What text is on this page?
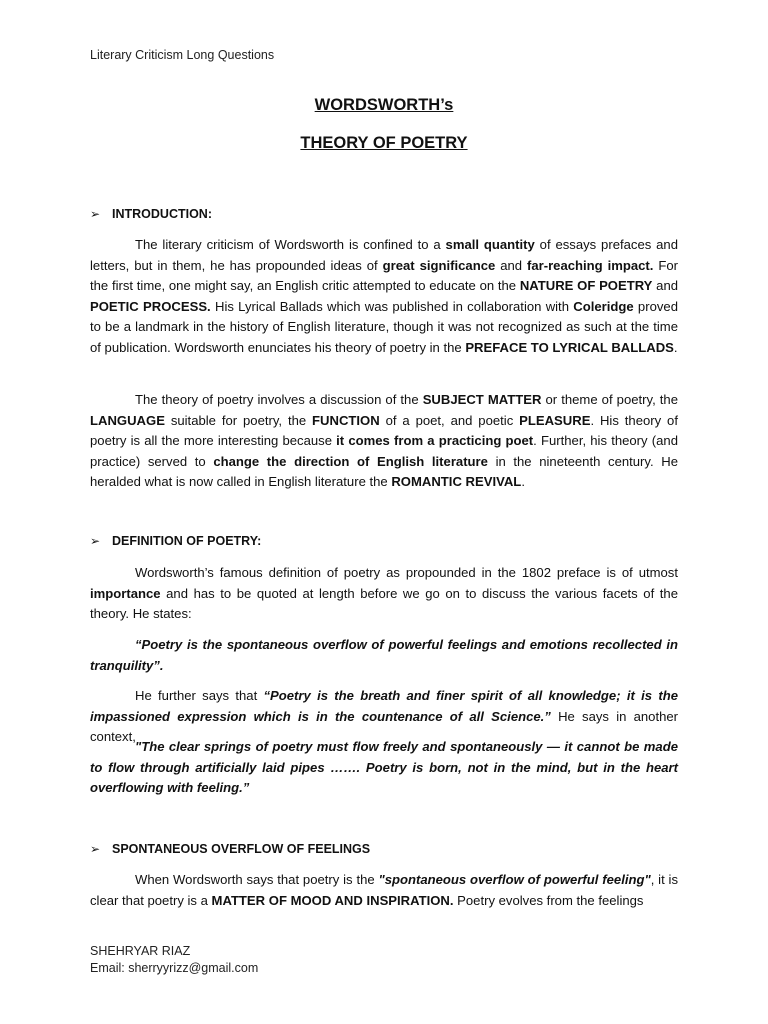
Literary Criticism Long Questions
WORDSWORTH’s
THEORY OF POETRY
➢ INTRODUCTION:

The literary criticism of Wordsworth is confined to a small quantity of essays prefaces and letters, but in them, he has propounded ideas of great significance and far-reaching impact. For the first time, one might say, an English critic attempted to educate on the NATURE OF POETRY and POETIC PROCESS. His Lyrical Ballads which was published in collaboration with Coleridge proved to be a landmark in the history of English literature, though it was not recognized as such at the time of publication. Wordsworth enunciates his theory of poetry in the PREFACE TO LYRICAL BALLADS.

The theory of poetry involves a discussion of the SUBJECT MATTER or theme of poetry, the LANGUAGE suitable for poetry, the FUNCTION of a poet, and poetic PLEASURE. His theory of poetry is all the more interesting because it comes from a practicing poet. Further, his theory (and practice) served to change the direction of English literature in the nineteenth century. He heralded what is now called in English literature the ROMANTIC REVIVAL.

➢ DEFINITION OF POETRY:

Wordsworth’s famous definition of poetry as propounded in the 1802 preface is of utmost importance and has to be quoted at length before we go on to discuss the various facets of the theory. He states:

“Poetry is the spontaneous overflow of powerful feelings and emotions recollected in tranquility”.

He further says that “Poetry is the breath and finer spirit of all knowledge; it is the impassioned expression which is in the countenance of all Science.” He says in another context,

"The clear springs of poetry must flow freely and spontaneously — it cannot be made to flow through artificially laid pipes ……. Poetry is born, not in the mind, but in the heart overflowing with feeling.”

➢ SPONTANEOUS OVERFLOW OF FEELINGS

When Wordsworth says that poetry is the "spontaneous overflow of powerful feeling", it is clear that poetry is a MATTER OF MOOD AND INSPIRATION. Poetry evolves from the feelings

SHEHRYAR RIAZ
Email: sherryyrizz@gmail.com
